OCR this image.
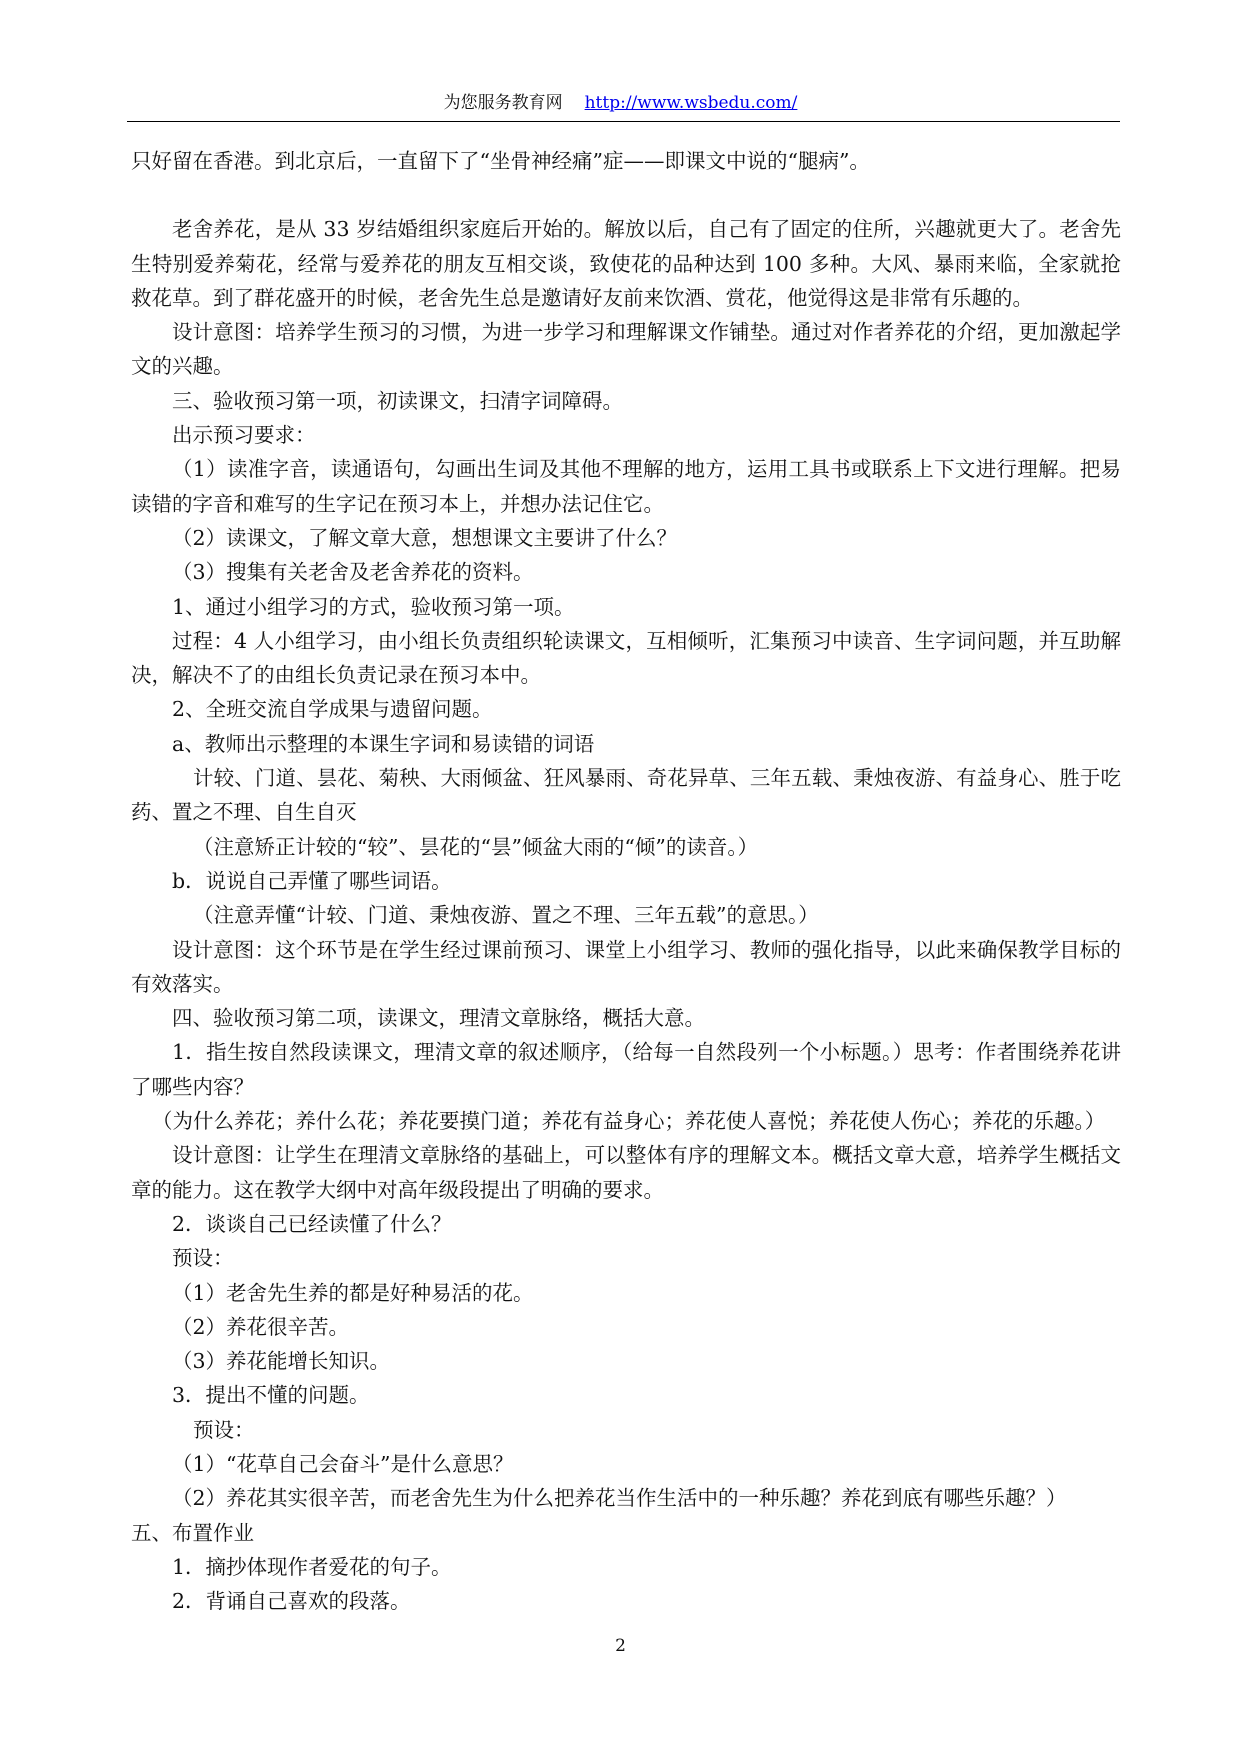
为您服务教育网 http://www.wsbedu.com/

只好留在香港。到北京后，一直留下了“坐骨神经痛”症——即课文中说的“腿病”。

老舍养花，是从 33 岁结婚组织家庭后开始的。解放以后，自己有了固定的住所，兴趣就更大了。老舍先生特别爱养菊花，经常与爱养花的朋友互相交谈，致使花的品种达到 100 多种。大风、暴雨来临，全家就抢救花草。到了群花盛开的时候，老舍先生总是邀请好友前来饮酒、赏花，他觉得这是非常有乐趣的。

设计意图：培养学生预习的习惯，为进一步学习和理解课文作铺垫。通过对作者养花的介绍，更加激起学文的兴趣。

三、验收预习第一项，初读课文，扫清字词障碍。

出示预习要求：

（1）读准字音，读通语句，勾画出生词及其他不理解的地方，运用工具书或联系上下文进行理解。把易读错的字音和难写的生字记在预习本上，并想办法记住它。

（2）读课文，了解文章大意，想想课文主要讲了什么？

（3）搜集有关老舍及老舍养花的资料。

1、通过小组学习的方式，验收预习第一项。

过程：4 人小组学习，由小组长负责组织轮读课文，互相倾听，汇集预习中读音、生字词问题，并互助解决，解决不了的由组长负责记录在预习本中。

2、全班交流自学成果与遗留问题。

a、教师出示整理的本课生字词和易读错的词语

计较、门道、昙花、菊秧、大雨倾盆、狂风暴雨、奇花异草、三年五载、秉烛夜游、有益身心、胜于吃药、置之不理、自生自灭

（注意矫正计较的“较”、昙花的“昙”倾盆大雨的“倾”的读音。）

b．说说自己弄懂了哪些词语。

（注意弄懂“计较、门道、秉烛夜游、置之不理、三年五载”的意思。）

设计意图：这个环节是在学生经过课前预习、课堂上小组学习、教师的强化指导，以此来确保教学目标的有效落实。

四、验收预习第二项，读课文，理清文章脉络，概括大意。

1．指生按自然段读课文，理清文章的叙述顺序，（给每一自然段列一个小标题。）思考：作者围绕养花讲了哪些内容？

（为什么养花；养什么花；养花要摸门道；养花有益身心；养花使人喜悦；养花使人伤心；养花的乐趣。）

设计意图：让学生在理清文章脉络的基础上，可以整体有序的理解文本。概括文章大意，培养学生概括文章的能力。这在教学大纲中对高年级段提出了明确的要求。

2．谈谈自己已经读懂了什么？

预设：

（1）老舍先生养的都是好种易活的花。

（2）养花很辛苦。

（3）养花能增长知识。

3．提出不懂的问题。

预设：

（1）“花草自己会奋斗”是什么意思？

（2）养花其实很辛苦，而老舍先生为什么把养花当作生活中的一种乐趣？养花到底有哪些乐趣？）

五、布置作业

1．摘抄体现作者爱花的句子。

2．背诵自己喜欢的段落。

2
